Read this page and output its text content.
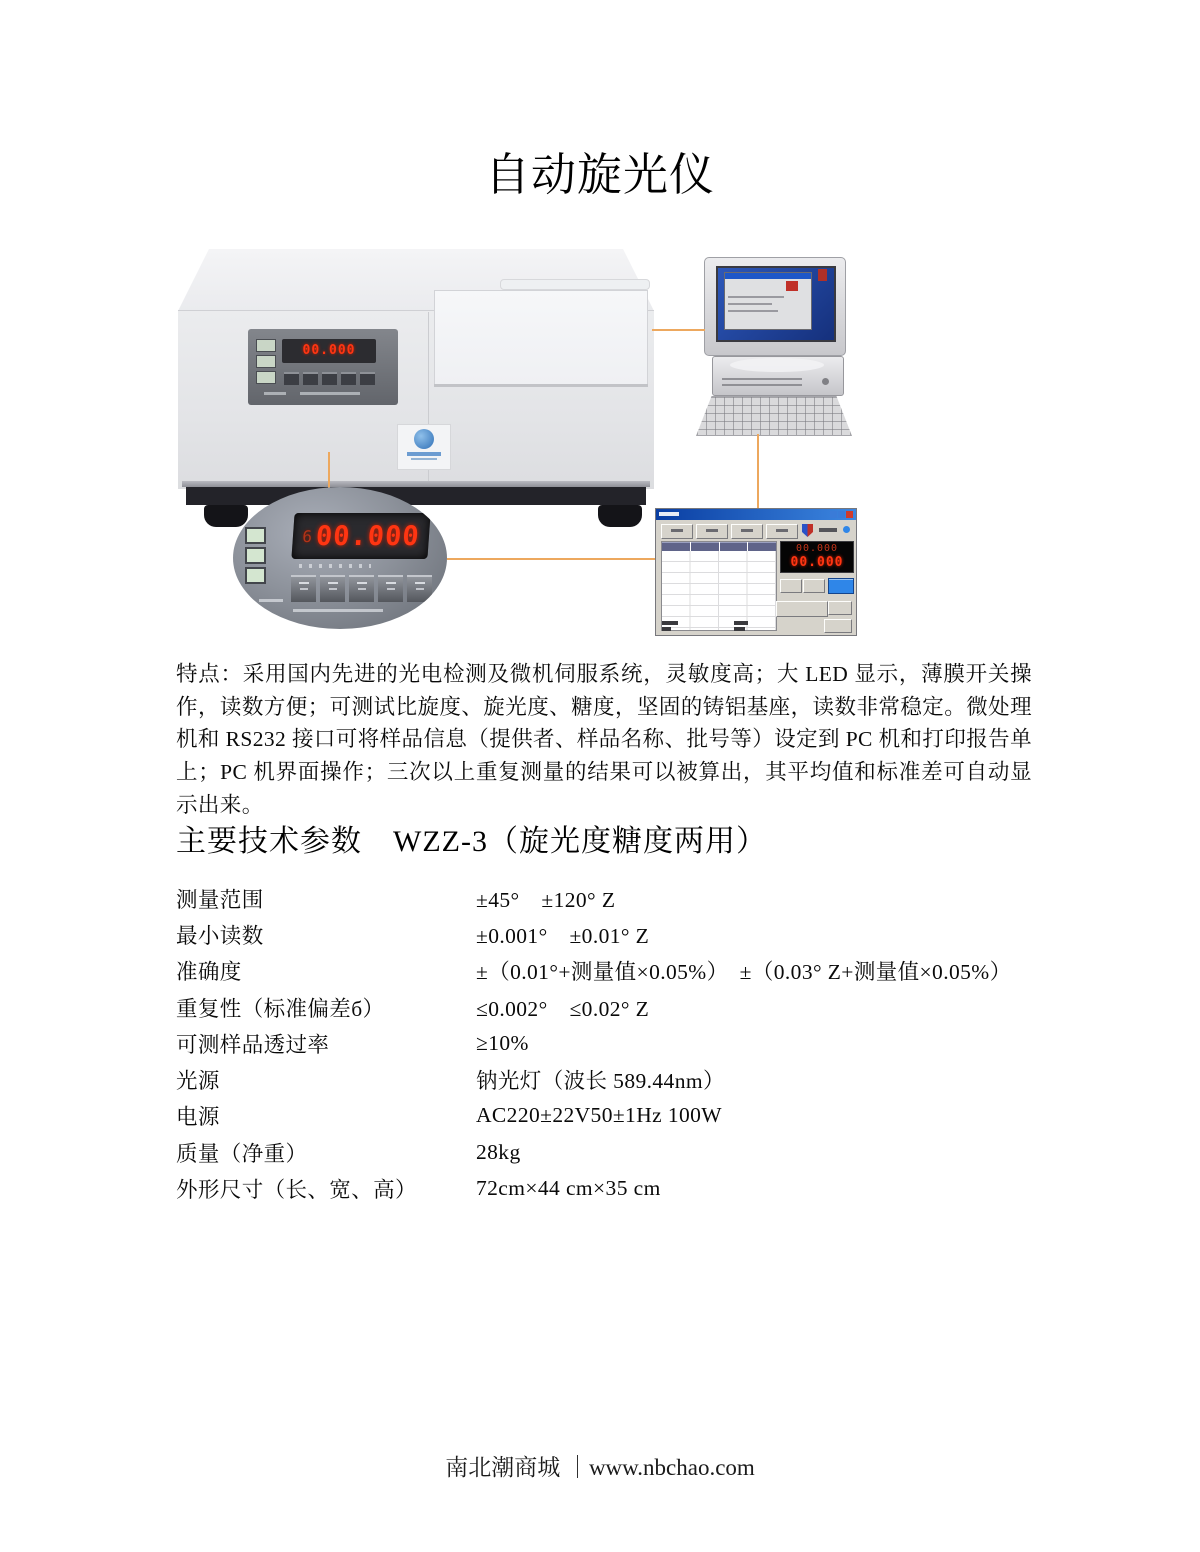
自动旋光仪
00.000
6 00.000	00.000
00.000
特点：采用国内先进的光电检测及微机伺服系统，灵敏度高；大 LED 显示，薄膜开关操作，读数方便；可测试比旋度、旋光度、糖度，坚固的铸铝基座，读数非常稳定。微处理机和 RS232 接口可将样品信息（提供者、样品名称、批号等）设定到 PC 机和打印报告单上；PC 机界面操作；三次以上重复测量的结果可以被算出，其平均值和标准差可自动显示出来。
主要技术参数　WZZ-3（旋光度糖度两用）
测量范围	±45°　±120° Z
最小读数	±0.001°　±0.01° Z
准确度	±（0.01°+测量值×0.05%）　±（0.03° Z+测量值×0.05%）
重复性（标准偏差б）	≤0.002°　≤0.02° Z
可测样品透过率	≥10%
光源	钠光灯（波长 589.44nm）
电源	AC220±22V50±1Hz 100W
质量（净重）	28kg
外形尺寸（长、宽、高）	72cm×44 cm×35 cm
南北潮商城 ｜www.nbchao.com
